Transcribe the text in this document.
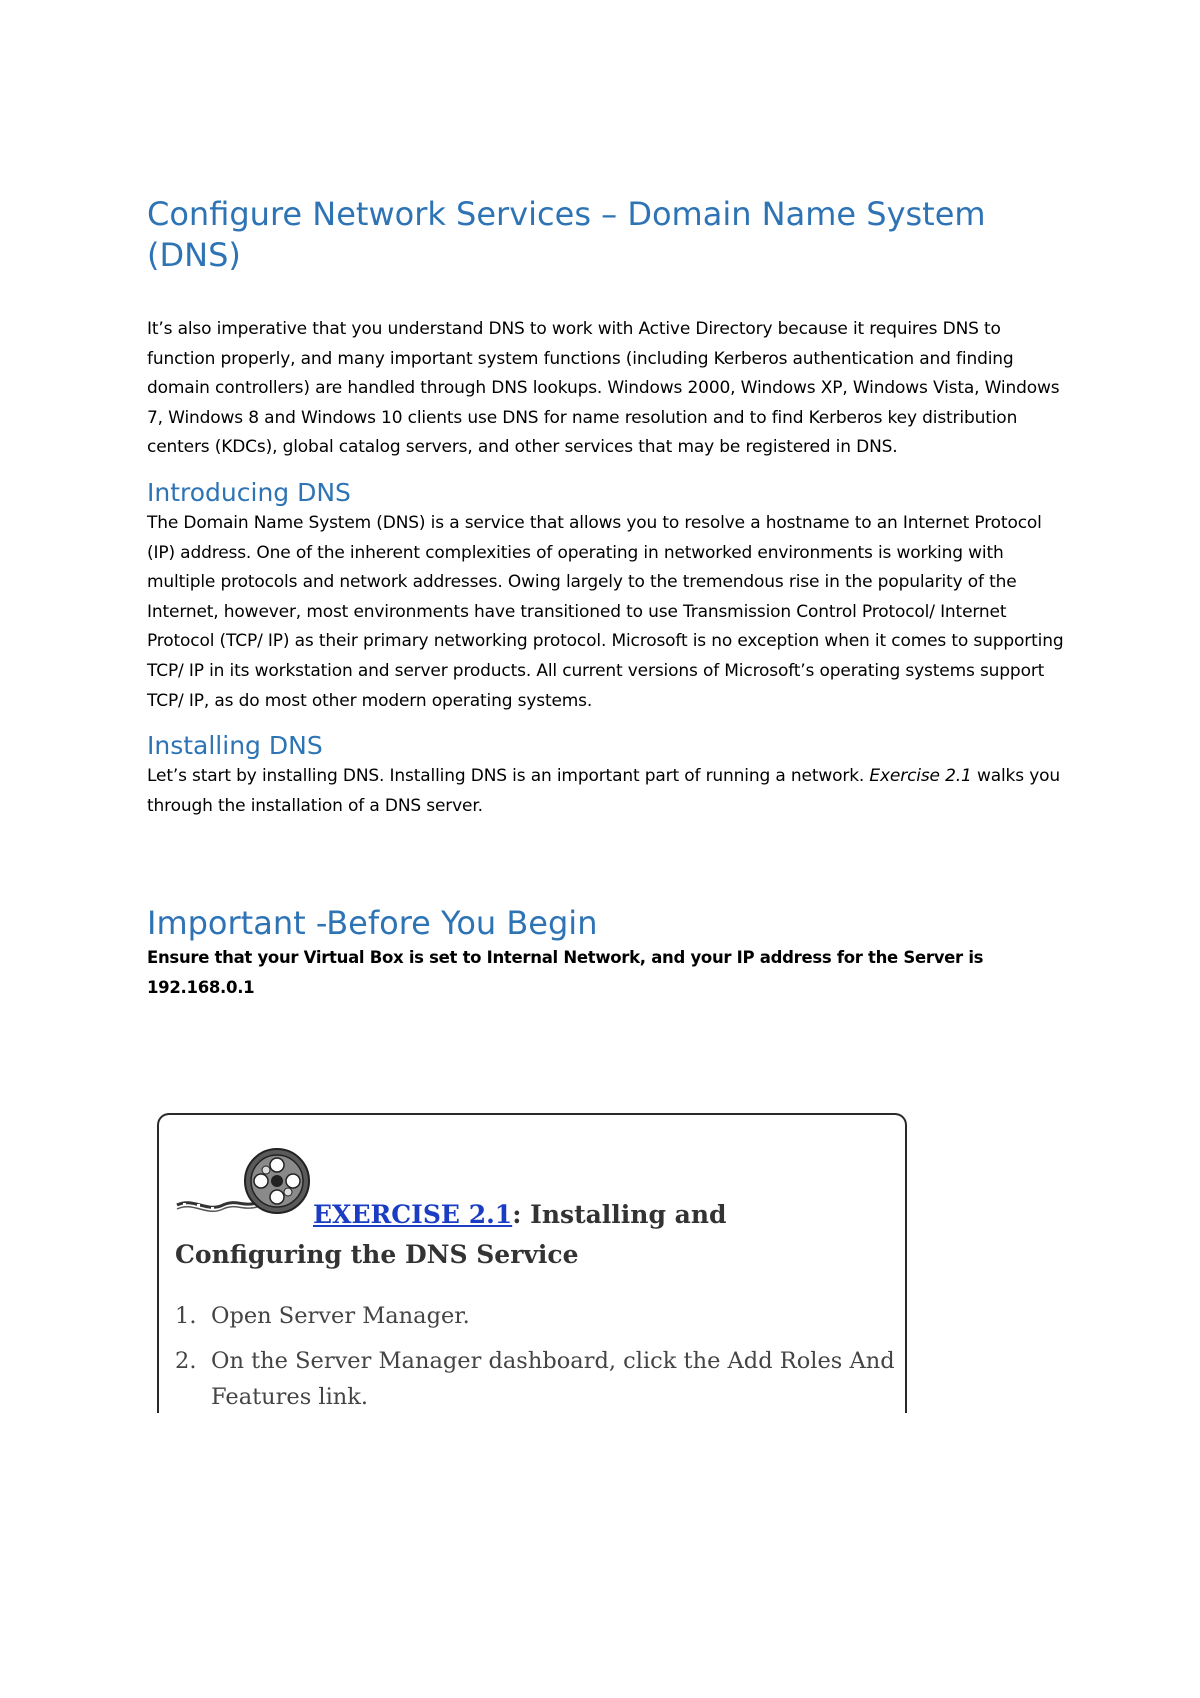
Configure Network Services – Domain Name System (DNS)

It’s also imperative that you understand DNS to work with Active Directory because it requires DNS to function properly, and many important system functions (including Kerberos authentication and finding domain controllers) are handled through DNS lookups. Windows 2000, Windows XP, Windows Vista, Windows 7, Windows 8 and Windows 10 clients use DNS for name resolution and to find Kerberos key distribution centers (KDCs), global catalog servers, and other services that may be registered in DNS.

Introducing DNS

The Domain Name System (DNS) is a service that allows you to resolve a hostname to an Internet Protocol (IP) address. One of the inherent complexities of operating in networked environments is working with multiple protocols and network addresses. Owing largely to the tremendous rise in the popularity of the Internet, however, most environments have transitioned to use Transmission Control Protocol/ Internet Protocol (TCP/ IP) as their primary networking protocol. Microsoft is no exception when it comes to supporting TCP/ IP in its workstation and server products. All current versions of Microsoft’s operating systems support TCP/ IP, as do most other modern operating systems.

Installing DNS

Let’s start by installing DNS. Installing DNS is an important part of running a network. Exercise 2.1 walks you through the installation of a DNS server.

Important -Before You Begin

Ensure that your Virtual Box is set to Internal Network, and your IP address for the Server is 192.168.0.1

EXERCISE 2.1: Installing and
Configuring the DNS Service
1. Open Server Manager.
2. On the Server Manager dashboard, click the Add Roles And Features link.
